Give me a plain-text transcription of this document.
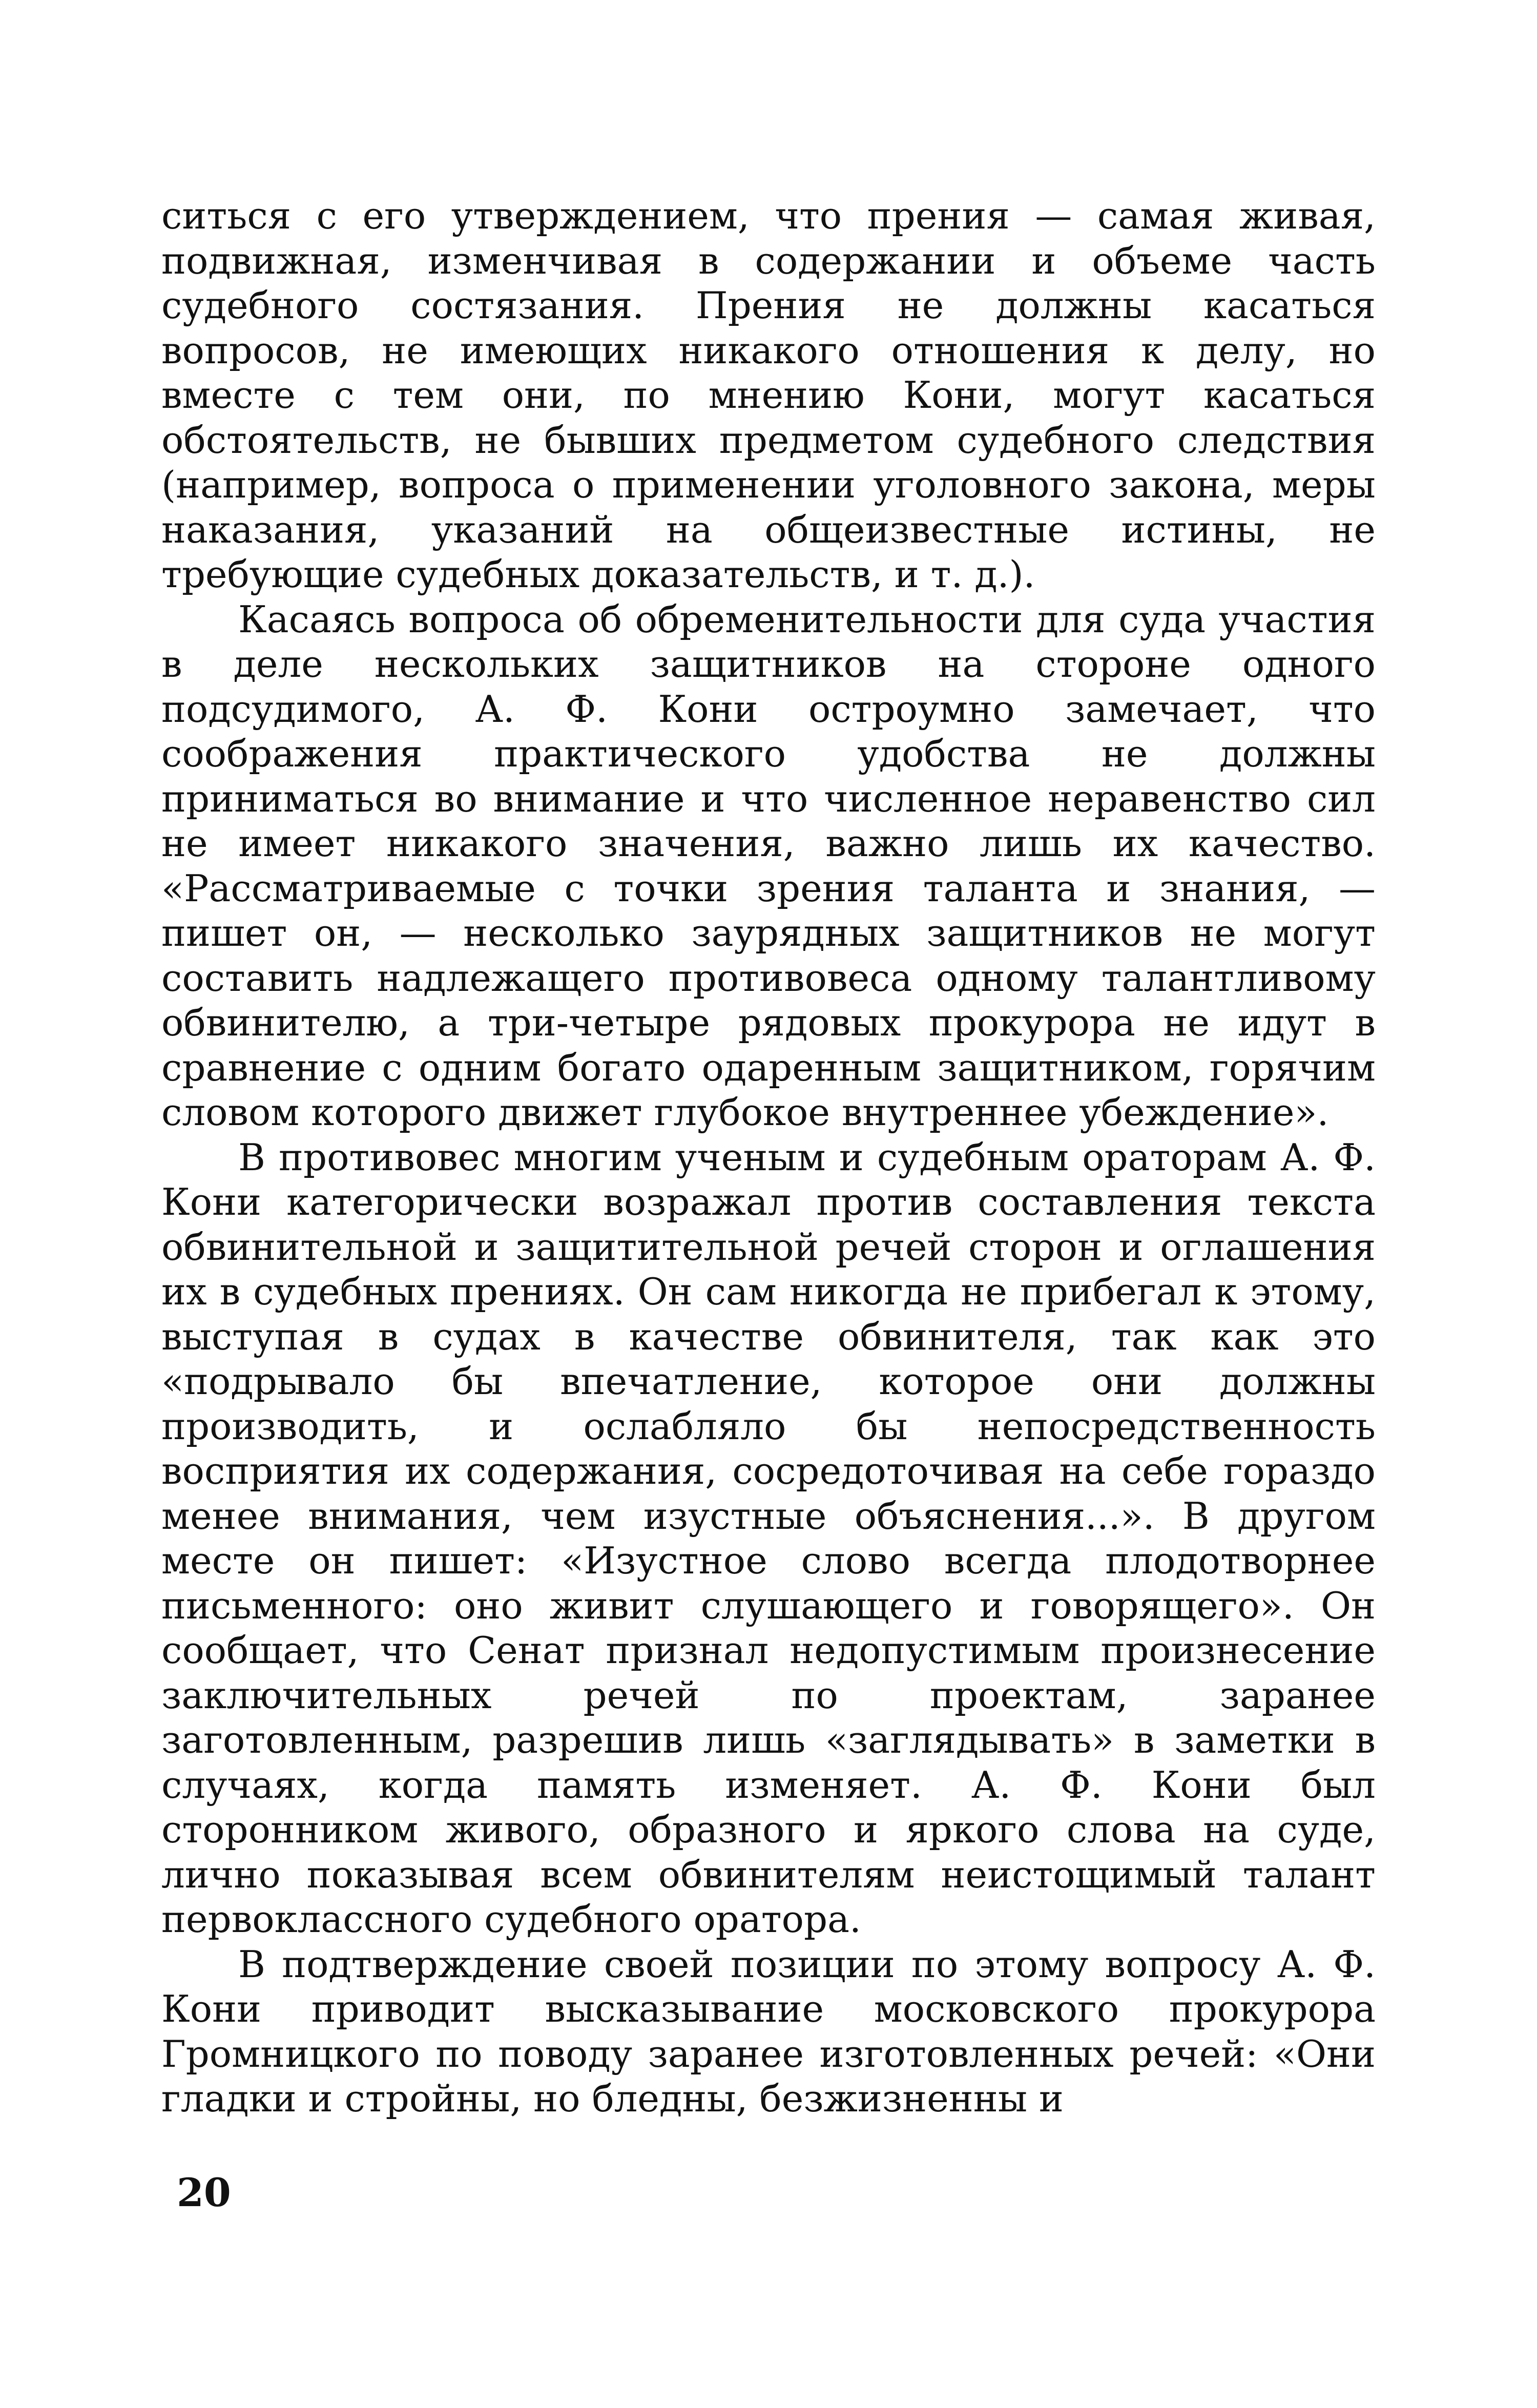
ситься с его утверждением, что прения — самая живая, подвижная, изменчивая в содержании и объеме часть судебного состязания. Прения не должны касаться вопросов, не имеющих никакого отношения к делу, но вместе с тем они, по мнению Кони, могут касаться обстоятельств, не бывших предметом судебного следствия (например, вопроса о применении уголовного закона, меры наказания, указаний на общеизвестные истины, не требующие судебных доказательств, и т. д.).

Касаясь вопроса об обременительности для суда участия в деле нескольких защитников на стороне одного подсудимого, А. Ф. Кони остроумно замечает, что соображения практического удобства не должны приниматься во внимание и что численное неравенство сил не имеет никакого значения, важно лишь их качество. «Рассматриваемые с точки зрения таланта и знания, — пишет он, — несколько заурядных защитников не могут составить надлежащего противовеса одному талантливому обвинителю, а три-четыре рядовых прокурора не идут в сравнение с одним богато одаренным защитником, горячим словом которого движет глубокое внутреннее убеждение».

В противовес многим ученым и судебным ораторам А. Ф. Кони категорически возражал против составления текста обвинительной и защитительной речей сторон и оглашения их в судебных прениях. Он сам никогда не прибегал к этому, выступая в судах в качестве обвинителя, так как это «подрывало бы впечатление, которое они должны производить, и ослабляло бы непосредственность восприятия их содержания, сосредоточивая на себе гораздо менее внимания, чем изустные объяснения...». В другом месте он пишет: «Изустное слово всегда плодотворнее письменного: оно живит слушающего и говорящего». Он сообщает, что Сенат признал недопустимым произнесение заключительных речей по проектам, заранее заготовленным, разрешив лишь «заглядывать» в заметки в случаях, когда память изменяет. А. Ф. Кони был сторонником живого, образного и яркого слова на суде, лично показывая всем обвинителям неистощимый талант первоклассного судебного оратора.

В подтверждение своей позиции по этому вопросу А. Ф. Кони приводит высказывание московского прокурора Громницкого по поводу заранее изготовленных речей: «Они гладки и стройны, но бледны, безжизненны и

20
